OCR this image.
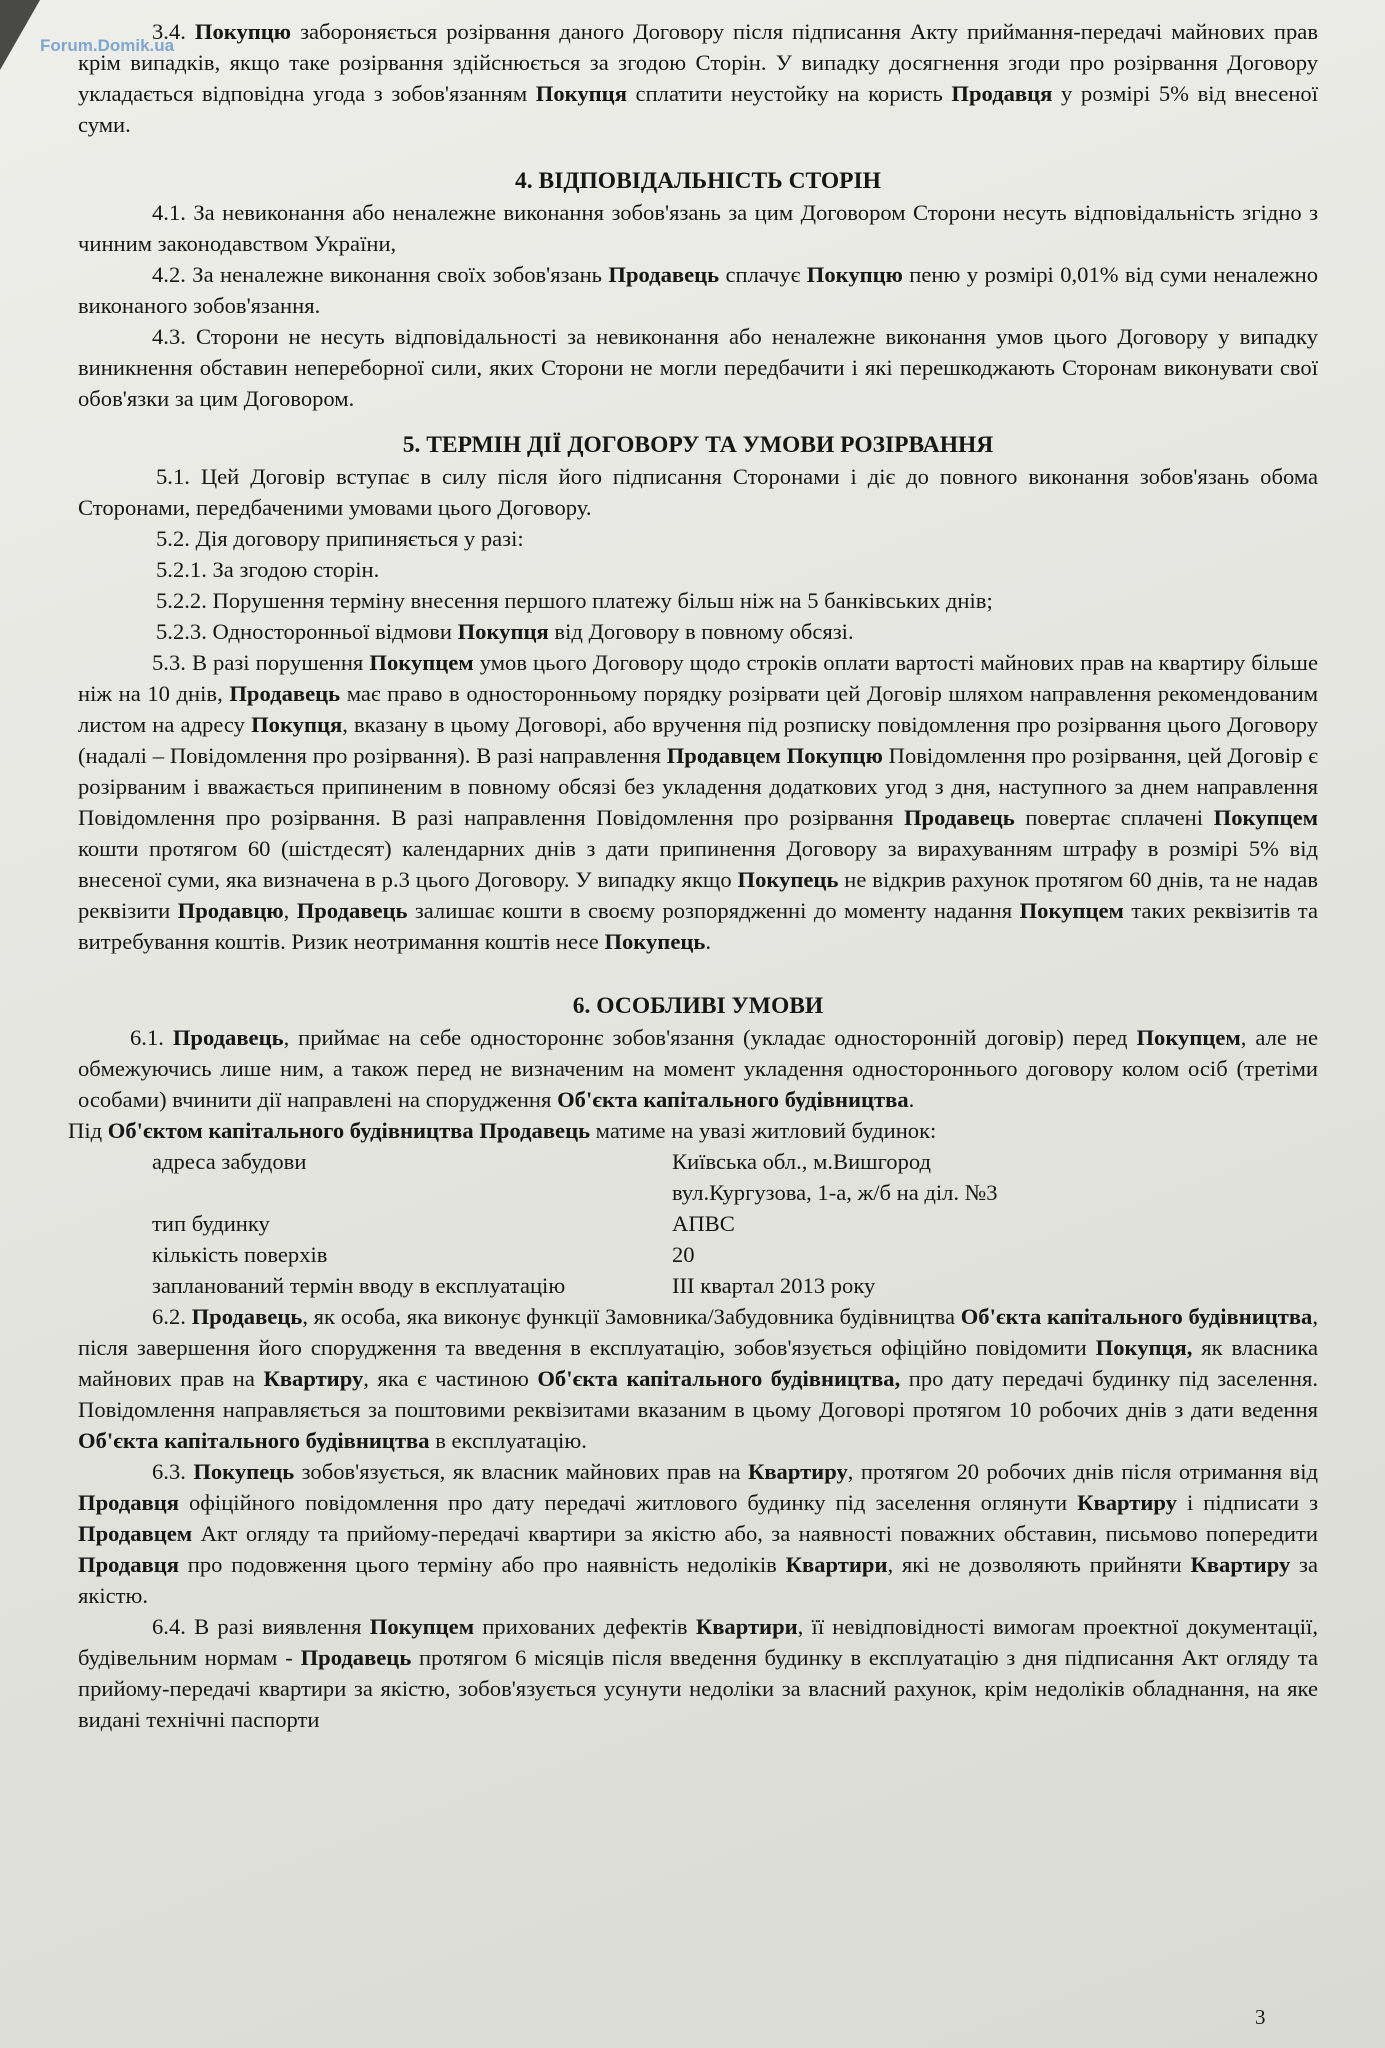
Forum.Domik.ua

3.4. Покупцю забороняється розірвання даного Договору після підписання Акту приймання-передачі майнових прав крім випадків, якщо таке розірвання здійснюється за згодою Сторін. У випадку досягнення згоди про розірвання Договору укладається відповідна угода з зобов'язанням Покупця сплатити неустойку на користь Продавця у розмірі 5% від внесеної суми.

4. ВІДПОВІДАЛЬНІСТЬ СТОРІН

4.1. За невиконання або неналежне виконання зобов'язань за цим Договором Сторони несуть відповідальність згідно з чинним законодавством України,

4.2. За неналежне виконання своїх зобов'язань Продавець сплачує Покупцю пеню у розмірі 0,01% від суми неналежно виконаного зобов'язання.

4.3. Сторони не несуть відповідальності за невиконання або неналежне виконання умов цього Договору у випадку виникнення обставин непереборної сили, яких Сторони не могли передбачити і які перешкоджають Сторонам виконувати свої обов'язки за цим Договором.

5. ТЕРМІН ДІЇ ДОГОВОРУ ТА УМОВИ РОЗІРВАННЯ

5.1. Цей Договір вступає в силу після його підписання Сторонами і діє до повного виконання зобов'язань обома Сторонами, передбаченими умовами цього Договору.

5.2. Дія договору припиняється у разі:

5.2.1. За згодою сторін.

5.2.2. Порушення терміну внесення першого платежу більш ніж на 5 банківських днів;

5.2.3. Односторонньої відмови Покупця від Договору в повному обсязі.

5.3. В разі порушення Покупцем умов цього Договору щодо строків оплати вартості майнових прав на квартиру більше ніж на 10 днів, Продавець має право в односторонньому порядку розірвати цей Договір шляхом направлення рекомендованим листом на адресу Покупця, вказану в цьому Договорі, або вручення під розписку повідомлення про розірвання цього Договору (надалі – Повідомлення про розірвання). В разі направлення Продавцем Покупцю Повідомлення про розірвання, цей Договір є розірваним і вважається припиненим в повному обсязі без укладення додаткових угод з дня, наступного за днем направлення Повідомлення про розірвання. В разі направлення Повідомлення про розірвання Продавець повертає сплачені Покупцем кошти протягом 60 (шістдесят) календарних днів з дати припинення Договору за вирахуванням штрафу в розмірі 5% від внесеної суми, яка визначена в р.3 цього Договору. У випадку якщо Покупець не відкрив рахунок протягом 60 днів, та не надав реквізити Продавцю, Продавець залишає кошти в своєму розпорядженні до моменту надання Покупцем таких реквізитів та витребування коштів. Ризик неотримання коштів несе Покупець.

6. ОСОБЛИВІ УМОВИ

6.1. Продавець, приймає на себе одностороннє зобов'язання (укладає односторонній договір) перед Покупцем, але не обмежуючись лише ним, а також перед не визначеним на момент укладення одностороннього договору колом осіб (третіми особами) вчинити дії направлені на спорудження Об'єкта капітального будівництва.

Під Об'єктом капітального будівництва Продавець матиме на увазі житловий будинок:

адреса забудови	Київська обл., м.Вишгород
вул.Кургузова, 1-а, ж/б на діл. №3
тип будинку	АПВС
кількість поверхів	20
запланований термін вводу в експлуатацію	III квартал 2013 року

6.2. Продавець, як особа, яка виконує функції Замовника/Забудовника будівництва Об'єкта капітального будівництва, після завершення його спорудження та введення в експлуатацію, зобов'язується офіційно повідомити Покупця, як власника майнових прав на Квартиру, яка є частиною Об'єкта капітального будівництва, про дату передачі будинку під заселення. Повідомлення направляється за поштовими реквізитами вказаним в цьому Договорі протягом 10 робочих днів з дати ведення Об'єкта капітального будівництва в експлуатацію.

6.3. Покупець зобов'язується, як власник майнових прав на Квартиру, протягом 20 робочих днів після отримання від Продавця офіційного повідомлення про дату передачі житлового будинку під заселення оглянути Квартиру і підписати з Продавцем Акт огляду та прийому-передачі квартири за якістю або, за наявності поважних обставин, письмово попередити Продавця про подовження цього терміну або про наявність недоліків Квартири, які не дозволяють прийняти Квартиру за якістю.

6.4. В разі виявлення Покупцем прихованих дефектів Квартири, її невідповідності вимогам проектної документації, будівельним нормам - Продавець протягом 6 місяців після введення будинку в експлуатацію з дня підписання Акт огляду та прийому-передачі квартири за якістю, зобов'язується усунути недоліки за власний рахунок, крім недоліків обладнання, на яке видані технічні паспорти

3
